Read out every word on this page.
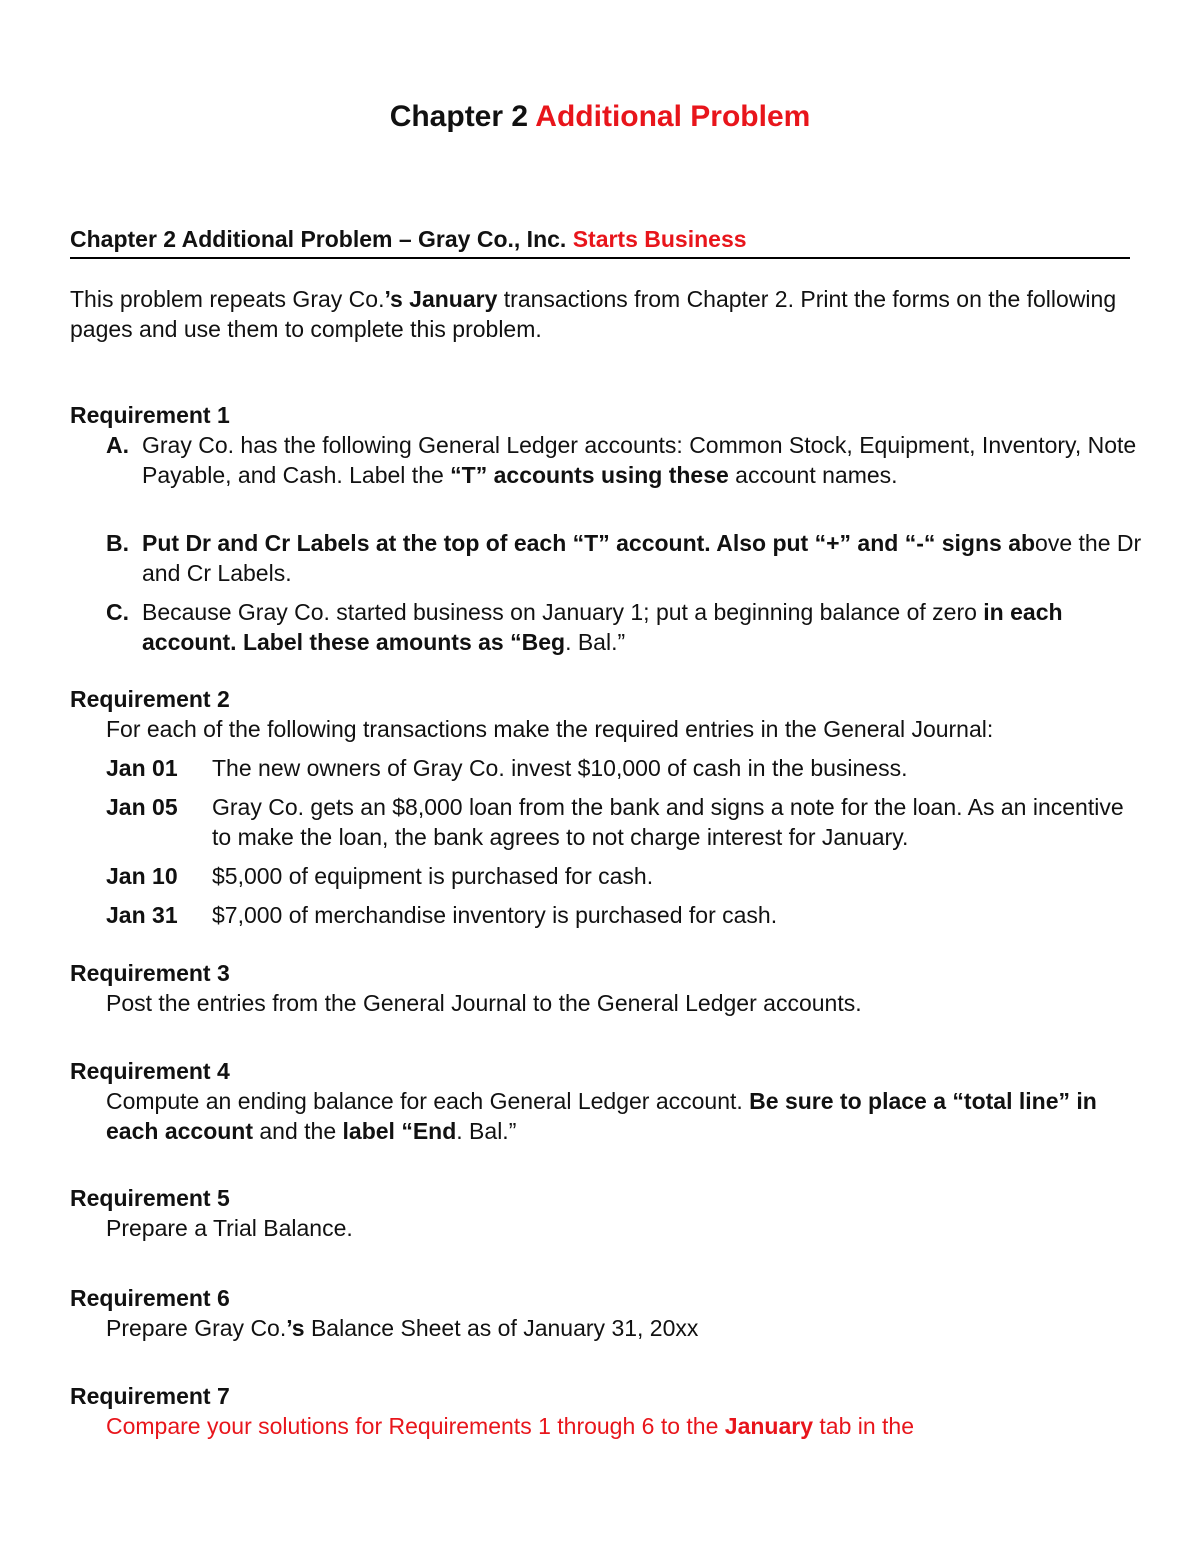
Chapter 2 Additional Problem
Chapter 2 Additional Problem – Gray Co., Inc. Starts Business

This problem repeats Gray Co.’s January transactions from Chapter 2. Print the forms on the following pages and use them to complete this problem.

Requirement 1
A. Gray Co. has the following General Ledger accounts: Common Stock, Equipment, Inventory, Note Payable, and Cash. Label the “T” accounts using these account names.
B. Put Dr and Cr Labels at the top of each “T” account. Also put “+” and “-“ signs above the Dr and Cr Labels.
C. Because Gray Co. started business on January 1; put a beginning balance of zero in each account. Label these amounts as “Beg. Bal.”
Requirement 2

For each of the following transactions make the required entries in the General Journal:

Jan 01 The new owners of Gray Co. invest $10,000 of cash in the business.
Jan 05 Gray Co. gets an $8,000 loan from the bank and signs a note for the loan. As an incentive to make the loan, the bank agrees to not charge interest for January.
Jan 10 $5,000 of equipment is purchased for cash.
Jan 31 $7,000 of merchandise inventory is purchased for cash.
Requirement 3

Post the entries from the General Journal to the General Ledger accounts.

Requirement 4

Compute an ending balance for each General Ledger account. Be sure to place a “total line” in each account and the label “End. Bal.”

Requirement 5

Prepare a Trial Balance.

Requirement 6

Prepare Gray Co.’s Balance Sheet as of January 31, 20xx

Requirement 7

Compare your solutions for Requirements 1 through 6 to the January tab in the
